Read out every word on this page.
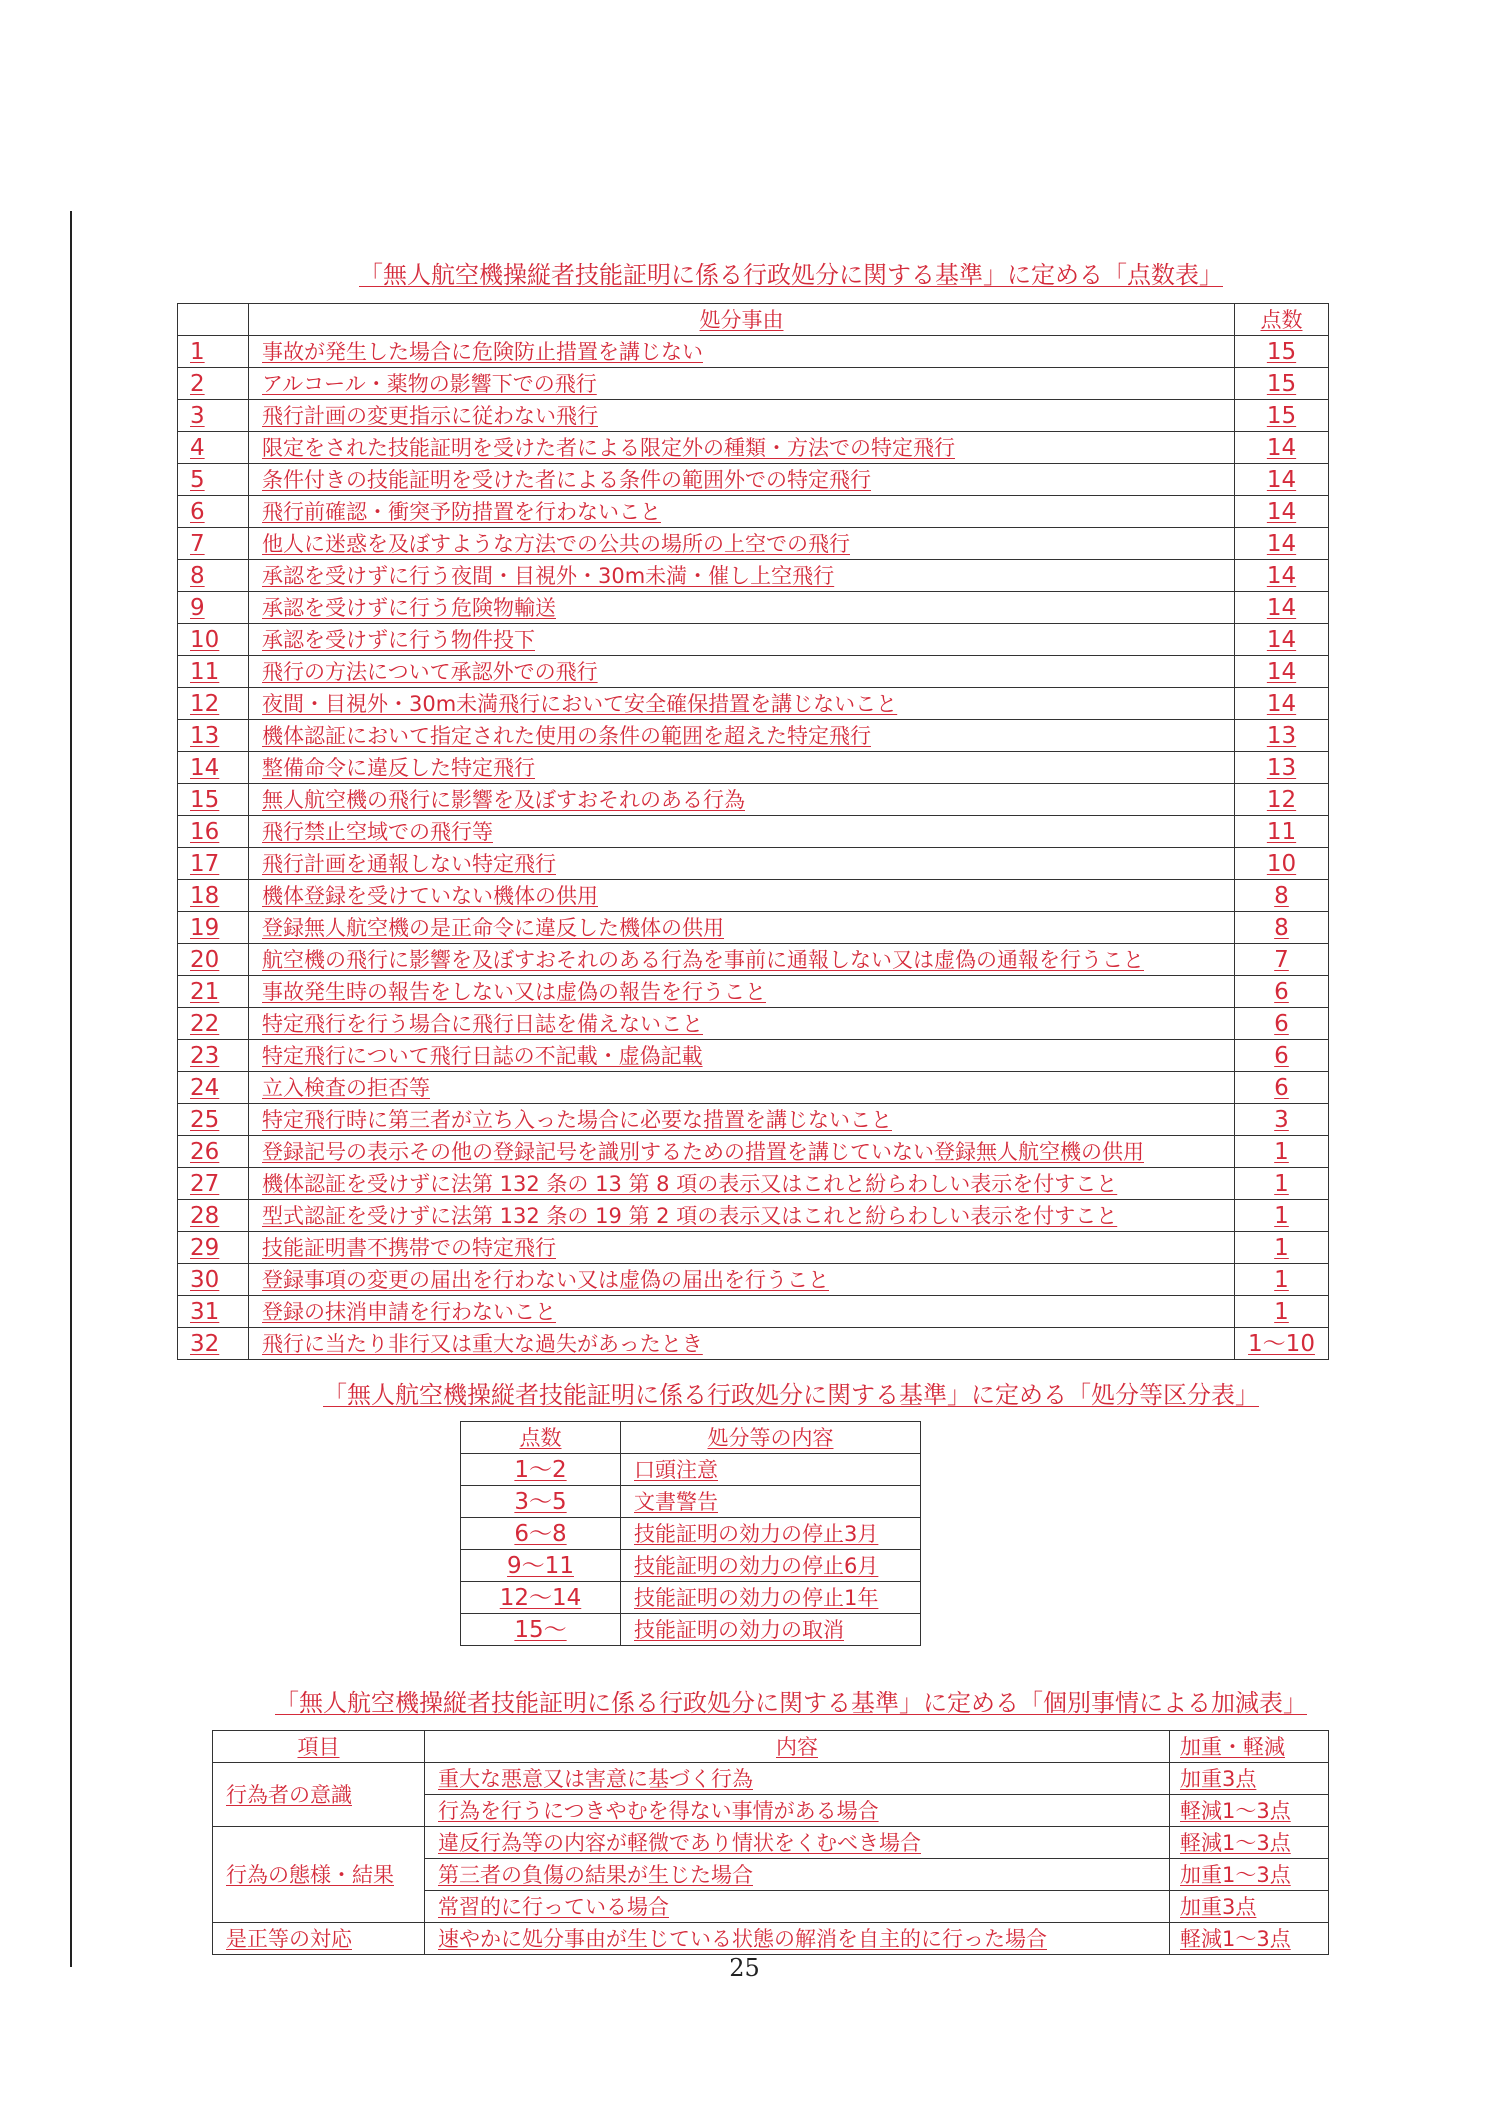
「無人航空機操縦者技能証明に係る行政処分に関する基準」に定める「点数表」
	処分事由	点数
1	事故が発生した場合に危険防止措置を講じない	15
2	アルコール・薬物の影響下での飛行	15
3	飛行計画の変更指示に従わない飛行	15
4	限定をされた技能証明を受けた者による限定外の種類・方法での特定飛行	14
5	条件付きの技能証明を受けた者による条件の範囲外での特定飛行	14
6	飛行前確認・衝突予防措置を行わないこと	14
7	他人に迷惑を及ぼすような方法での公共の場所の上空での飛行	14
8	承認を受けずに行う夜間・目視外・30m未満・催し上空飛行	14
9	承認を受けずに行う危険物輸送	14
10	承認を受けずに行う物件投下	14
11	飛行の方法について承認外での飛行	14
12	夜間・目視外・30m未満飛行において安全確保措置を講じないこと	14
13	機体認証において指定された使用の条件の範囲を超えた特定飛行	13
14	整備命令に違反した特定飛行	13
15	無人航空機の飛行に影響を及ぼすおそれのある行為	12
16	飛行禁止空域での飛行等	11
17	飛行計画を通報しない特定飛行	10
18	機体登録を受けていない機体の供用	8
19	登録無人航空機の是正命令に違反した機体の供用	8
20	航空機の飛行に影響を及ぼすおそれのある行為を事前に通報しない又は虚偽の通報を行うこと	7
21	事故発生時の報告をしない又は虚偽の報告を行うこと	6
22	特定飛行を行う場合に飛行日誌を備えないこと	6
23	特定飛行について飛行日誌の不記載・虚偽記載	6
24	立入検査の拒否等	6
25	特定飛行時に第三者が立ち入った場合に必要な措置を講じないこと	3
26	登録記号の表示その他の登録記号を識別するための措置を講じていない登録無人航空機の供用	1
27	機体認証を受けずに法第 132 条の 13 第 8 項の表示又はこれと紛らわしい表示を付すこと	1
28	型式認証を受けずに法第 132 条の 19 第 2 項の表示又はこれと紛らわしい表示を付すこと	1
29	技能証明書不携帯での特定飛行	1
30	登録事項の変更の届出を行わない又は虚偽の届出を行うこと	1
31	登録の抹消申請を行わないこと	1
32	飛行に当たり非行又は重大な過失があったとき	1～10
「無人航空機操縦者技能証明に係る行政処分に関する基準」に定める「処分等区分表」
点数	処分等の内容
1～2	口頭注意
3～5	文書警告
6～8	技能証明の効力の停止3月
9～11	技能証明の効力の停止6月
12～14	技能証明の効力の停止1年
15～	技能証明の効力の取消
「無人航空機操縦者技能証明に係る行政処分に関する基準」に定める「個別事情による加減表」
項目	内容	加重・軽減
行為者の意識	重大な悪意又は害意に基づく行為	加重3点
	行為を行うにつきやむを得ない事情がある場合	軽減1～3点
行為の態様・結果	違反行為等の内容が軽微であり情状をくむべき場合	軽減1～3点
	第三者の負傷の結果が生じた場合	加重1～3点
	常習的に行っている場合	加重3点
是正等の対応	速やかに処分事由が生じている状態の解消を自主的に行った場合	軽減1～3点
25
